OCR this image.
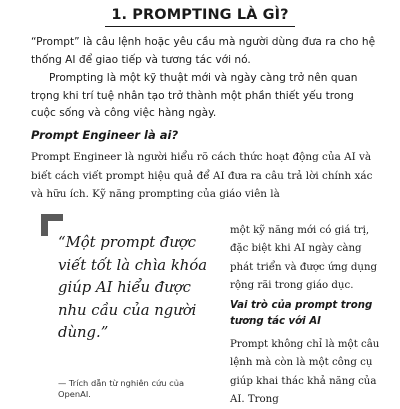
1. PROMPTING LÀ GÌ?

“Prompt” là câu lệnh hoặc yêu cầu mà người dùng đưa ra cho hệ thống AI để giao tiếp và tương tác với nó.

Prompting là một kỹ thuật mới và ngày càng trở nên quan trọng khi trí tuệ nhân tạo trở thành một phần thiết yếu trong cuộc sống và công việc hàng ngày.

Prompt Engineer là ai?

Prompt Engineer là người hiểu rõ cách thức hoạt động của AI và biết cách viết prompt hiệu quả để AI đưa ra câu trả lời chính xác và hữu ích. Kỹ năng prompting của giáo viên là

“Một prompt được viết tốt là chìa khóa giúp AI hiểu được nhu cầu của người dùng.”

— Trích dẫn từ nghiên cứu của OpenAI.

một kỹ năng mới có giá trị, đặc biệt khi AI ngày càng phát triển và được ứng dụng rộng rãi trong giáo dục.

Vai trò của prompt trong tương tác với AI

Prompt không chỉ là một câu lệnh mà còn là một công cụ giúp khai thác khả năng của AI. Trong
